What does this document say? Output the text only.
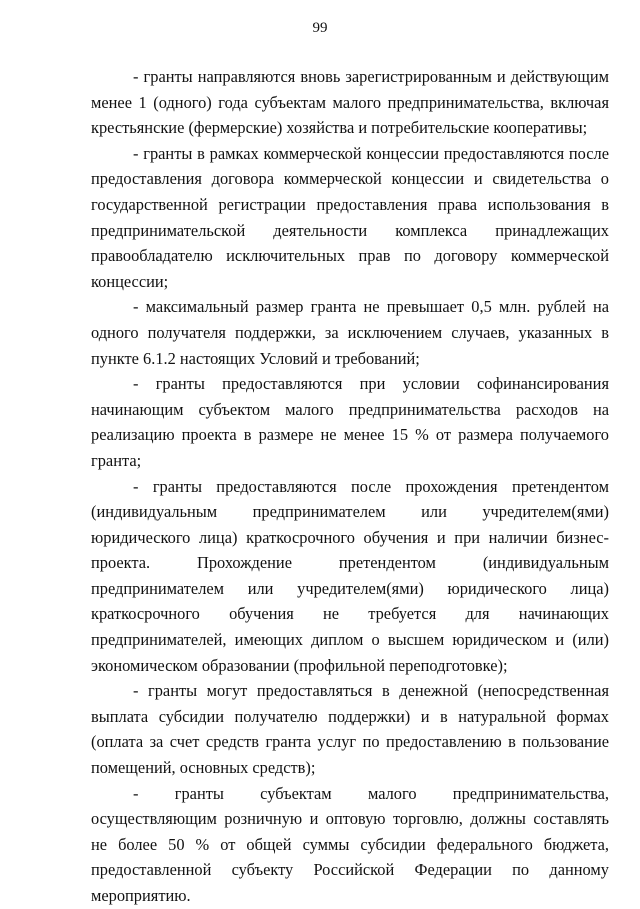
99

- гранты направляются вновь зарегистрированным и действующим менее 1 (одного) года субъектам малого предпринимательства, включая крестьянские (фермерские) хозяйства и потребительские кооперативы;

- гранты в рамках коммерческой концессии предоставляются после предоставления договора коммерческой концессии и свидетельства о государственной регистрации предоставления права использования в предпринимательской деятельности комплекса принадлежащих правообладателю исключительных прав по договору коммерческой концессии;

- максимальный размер гранта не превышает 0,5 млн. рублей на одного получателя поддержки, за исключением случаев, указанных в пункте 6.1.2 настоящих Условий и требований;

- гранты предоставляются при условии софинансирования начинающим субъектом малого предпринимательства расходов на реализацию проекта в размере не менее 15 % от размера получаемого гранта;

- гранты предоставляются после прохождения претендентом (индивидуальным предпринимателем или учредителем(ями) юридического лица) краткосрочного обучения и при наличии бизнес-проекта. Прохождение претендентом (индивидуальным предпринимателем или учредителем(ями) юридического лица) краткосрочного обучения не требуется для начинающих предпринимателей, имеющих диплом о высшем юридическом и (или) экономическом образовании (профильной переподготовке);

- гранты могут предоставляться в денежной (непосредственная выплата субсидии получателю поддержки) и в натуральной формах (оплата за счет средств гранта услуг по предоставлению в пользование помещений, основных средств);

- гранты субъектам малого предпринимательства, осуществляющим розничную и оптовую торговлю, должны составлять не более 50 % от общей суммы субсидии федерального бюджета, предоставленной субъекту Российской Федерации по данному мероприятию.
